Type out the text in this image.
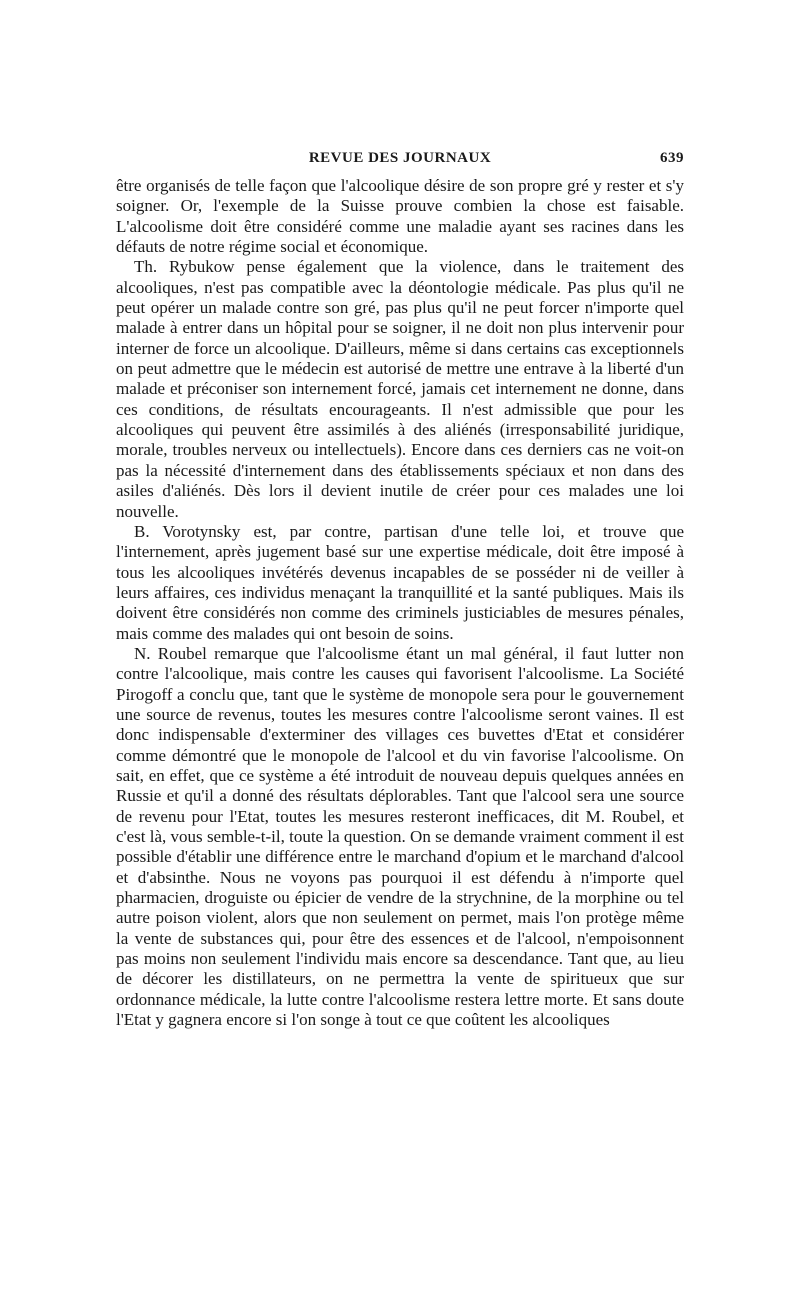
REVUE DES JOURNAUX	639

être organisés de telle façon que l'alcoolique désire de son propre gré y rester et s'y soigner. Or, l'exemple de la Suisse prouve combien la chose est faisable. L'alcoolisme doit être considéré comme une maladie ayant ses racines dans les défauts de notre régime social et économique.

Th. Rybukow pense également que la violence, dans le traitement des alcooliques, n'est pas compatible avec la déontologie médicale. Pas plus qu'il ne peut opérer un malade contre son gré, pas plus qu'il ne peut forcer n'importe quel malade à entrer dans un hôpital pour se soigner, il ne doit non plus intervenir pour interner de force un alcoolique. D'ailleurs, même si dans certains cas exceptionnels on peut admettre que le médecin est autorisé de mettre une entrave à la liberté d'un malade et préconiser son internement forcé, jamais cet internement ne donne, dans ces conditions, de résultats encourageants. Il n'est admissible que pour les alcooliques qui peuvent être assimilés à des aliénés (irresponsabilité juridique, morale, troubles nerveux ou intellectuels). Encore dans ces derniers cas ne voit-on pas la nécessité d'internement dans des établissements spéciaux et non dans des asiles d'aliénés. Dès lors il devient inutile de créer pour ces malades une loi nouvelle.

B. Vorotynsky est, par contre, partisan d'une telle loi, et trouve que l'internement, après jugement basé sur une expertise médicale, doit être imposé à tous les alcooliques invétérés devenus incapables de se posséder ni de veiller à leurs affaires, ces individus menaçant la tranquillité et la santé publiques. Mais ils doivent être considérés non comme des criminels justiciables de mesures pénales, mais comme des malades qui ont besoin de soins.

N. Roubel remarque que l'alcoolisme étant un mal général, il faut lutter non contre l'alcoolique, mais contre les causes qui favorisent l'alcoolisme. La Société Pirogoff a conclu que, tant que le système de monopole sera pour le gouvernement une source de revenus, toutes les mesures contre l'alcoolisme seront vaines. Il est donc indispensable d'exterminer des villages ces buvettes d'Etat et considérer comme démontré que le monopole de l'alcool et du vin favorise l'alcoolisme. On sait, en effet, que ce système a été introduit de nouveau depuis quelques années en Russie et qu'il a donné des résultats déplorables. Tant que l'alcool sera une source de revenu pour l'Etat, toutes les mesures resteront inefficaces, dit M. Roubel, et c'est là, vous semble-t-il, toute la question. On se demande vraiment comment il est possible d'établir une différence entre le marchand d'opium et le marchand d'alcool et d'absinthe. Nous ne voyons pas pourquoi il est défendu à n'importe quel pharmacien, droguiste ou épicier de vendre de la strychnine, de la morphine ou tel autre poison violent, alors que non seulement on permet, mais l'on protège même la vente de substances qui, pour être des essences et de l'alcool, n'empoisonnent pas moins non seulement l'individu mais encore sa descendance. Tant que, au lieu de décorer les distillateurs, on ne permettra la vente de spiritueux que sur ordonnance médicale, la lutte contre l'alcoolisme restera lettre morte. Et sans doute l'Etat y gagnera encore si l'on songe à tout ce que coûtent les alcooliques
